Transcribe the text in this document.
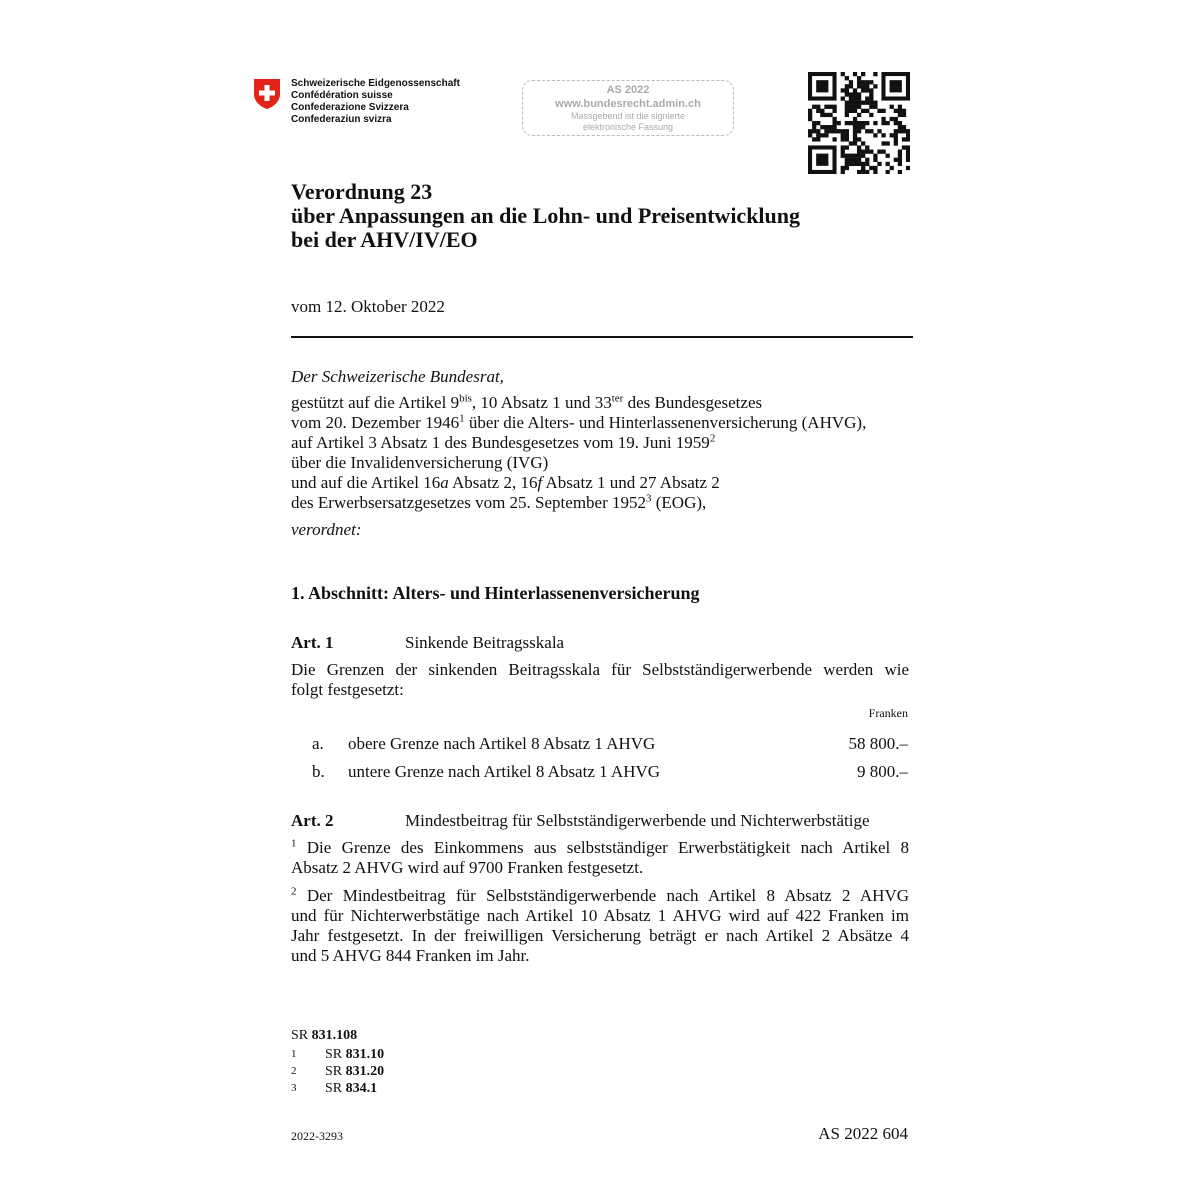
Schweizerische Eidgenossenschaft
Confédération suisse
Confederazione Svizzera
Confederaziun svizra
AS 2022
www.bundesrecht.admin.ch
Massgebend ist die signierte
elektronische Fassung
Verordnung 23
über Anpassungen an die Lohn- und Preisentwicklung
bei der AHV/IV/EO
vom 12. Oktober 2022
Der Schweizerische Bundesrat,
gestützt auf die Artikel $9^{bis}$, 10 Absatz 1 und $33^{ter}$ des Bundesgesetzes
vom 20. Dezember 1946$^1$ über die Alters- und Hinterlassenenversicherung (AHVG),
auf Artikel 3 Absatz 1 des Bundesgesetzes vom 19. Juni 1959$^2$
über die Invalidenversicherung (IVG)
und auf die Artikel 16a Absatz 2, 16f Absatz 1 und 27 Absatz 2
des Erwerbsersatzgesetzes vom 25. September 1952$^3$ (EOG),
verordnet:
1. Abschnitt: Alters- und Hinterlassenenversicherung
Art. 1	Sinkende Beitragsskala
Die Grenzen der sinkenden Beitragsskala für Selbstständigerwerbende werden wie
folgt festgesetzt:
Franken
a. obere Grenze nach Artikel 8 Absatz 1 AHVG	58 800.–
b. untere Grenze nach Artikel 8 Absatz 1 AHVG	9 800.–
Art. 2	Mindestbeitrag für Selbstständigerwerbende und Nichterwerbstätige
$^1$ Die Grenze des Einkommens aus selbstständiger Erwerbstätigkeit nach Artikel 8
Absatz 2 AHVG wird auf 9700 Franken festgesetzt.
$^2$ Der Mindestbeitrag für Selbstständigerwerbende nach Artikel 8 Absatz 2 AHVG
und für Nichterwerbstätige nach Artikel 10 Absatz 1 AHVG wird auf 422 Franken im
Jahr festgesetzt. In der freiwilligen Versicherung beträgt er nach Artikel 2 Absätze 4
und 5 AHVG 844 Franken im Jahr.
SR 831.108
1 SR 831.10
2 SR 831.20
3 SR 834.1
2022-3293	AS 2022 604
